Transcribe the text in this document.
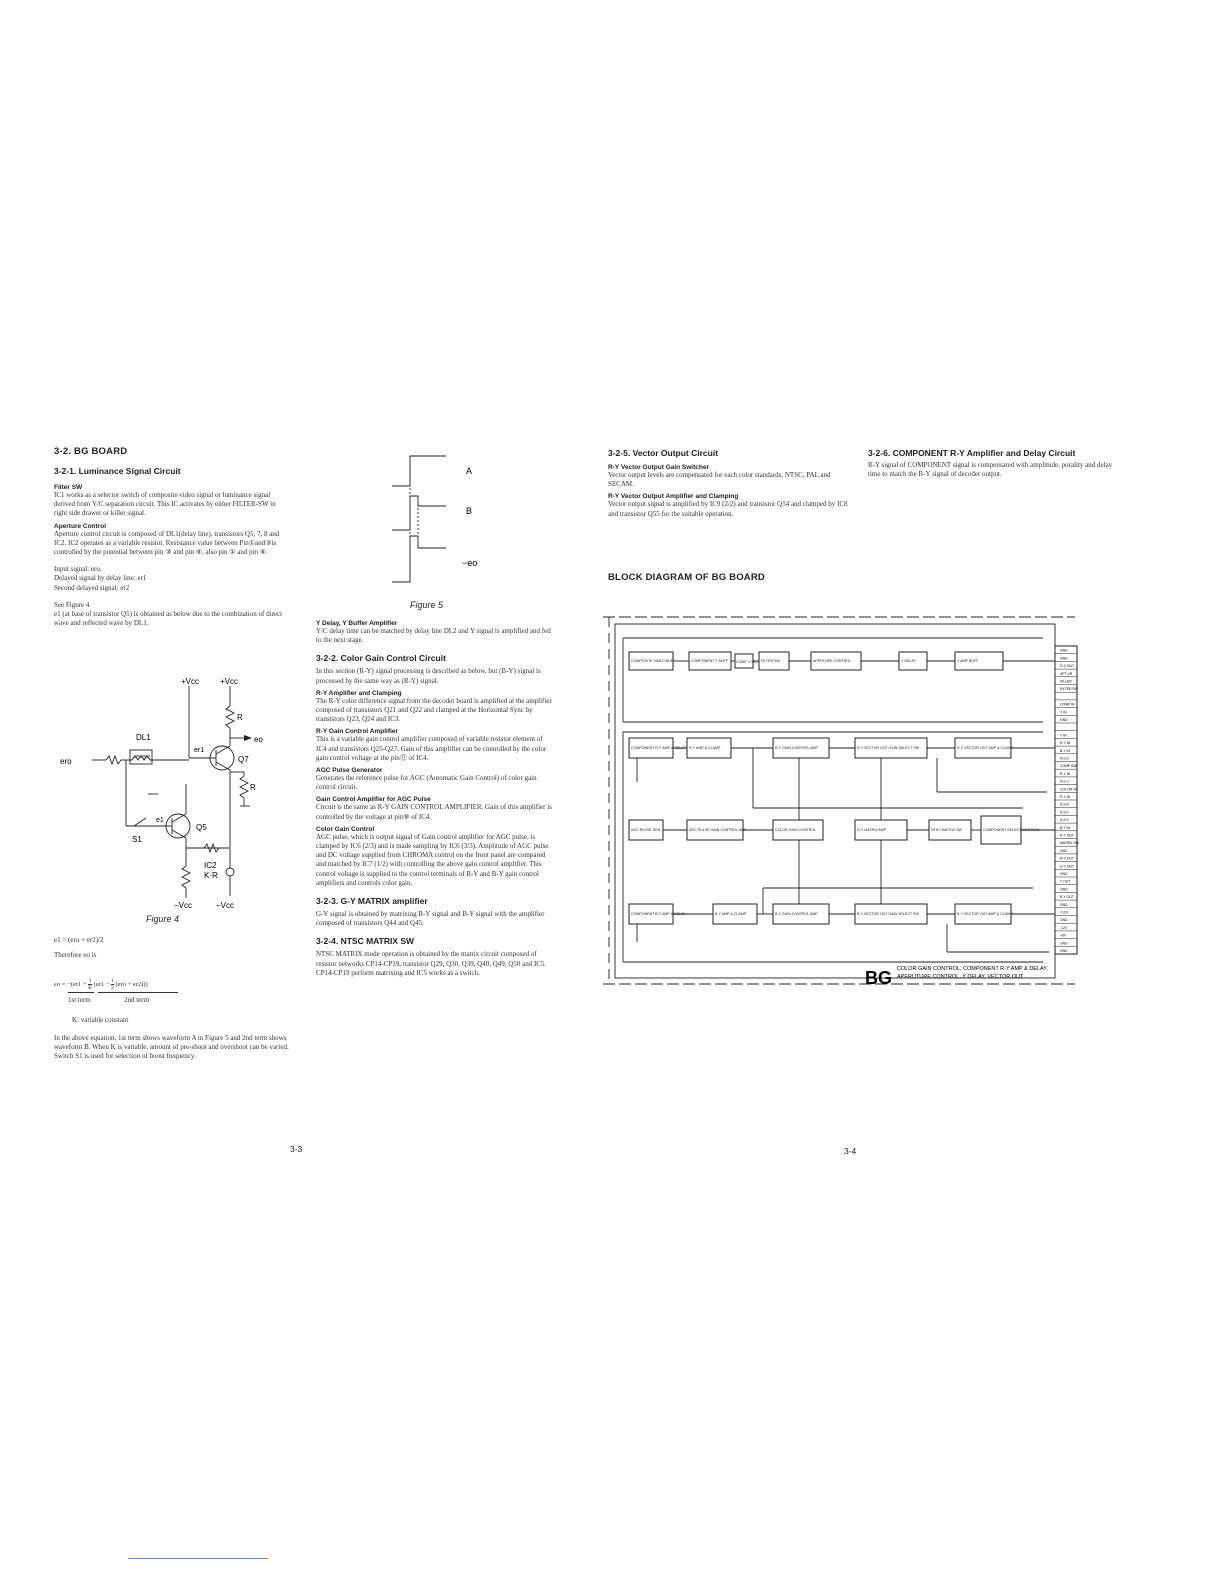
3-2. BG BOARD
3-2-1. Luminance Signal Circuit
Filter SW
IC1 works as a selector switch of composite video signal or luminance signal derived from Y/C separation circuit. This IC activates by either FILTER-SW in right side drawer or killer signal.
Aperture Control
Aperture control circuit is composed of DL1(delay line), transistors Q5, 7, 8 and IC2. IC2 operates as a variable resistor. Resistance value between Pin①and③is controlled by the potential between pin ③ and pin ④, also pin ① and pin ⑥.
Input signal: ero,
Delayed signal by delay line: er1
Second delayed signal: er2
See Figure 4
e1 (at base of transistor Q5) is obtained as below due to the combination of direct wave and reflected wave by DL1.
+Vcc	+Vcc
R
DL1	eo
er1
ero	Q7
e1
Q5
S1
R
IC2
K·R
−Vcc	−Vcc
Figure 4
e1 = (ero + er2)/2
Therefore eo is
eo = $-(er1 + \frac{1}{K} (er1 - \frac{1}{2} (ero + er2)))$
1st term	2nd term
K: variable constant
In the above equation, 1st term shows waveform A in Figure 5 and 2nd term shows waveform B. When K is variable, amount of pre-shoot and overshoot can be varied.
Switch S1 is used for selection of boost frequency.
A
B
−eo
Figure 5
Y Delay, Y Buffer Amplifier
Y/C delay time can be matched by delay line DL2 and Y signal is amplified and fed to the next stage.
3-2-2. Color Gain Control Circuit
In this section (R-Y) signal processing is described as below, but (B-Y) signal is processed by the same way as (R-Y) signal.
R-Y Amplifier and Clamping
The R-Y color difference signal from the decoder board is amplified at the amplifier composed of transistors Q21 and Q22 and clamped at the Horizontal Sync by transistors Q23, Q24 and IC3.
R-Y Gain Control Amplifier
This is a variable gain control amplifier composed of variable resistor element of IC4 and transistors Q25-Q27. Gain of this amplifier can be controlled by the color gain control voltage at the pin⑫ of IC4.
AGC Pulse Generator
Generates the reference pulse for AGC (Automatic Gain Control) of color gain control circuit.
Gain Control Amplifier for AGC Pulse
Circuit is the same as R-Y GAIN CONTROL AMPLIFIER. Gain of this amplifier is controlled by the voltage at pin⑧ of IC4.
Color Gain Control
AGC pulse, which is output signal of Gain control amplifier for AGC pulse, is clamped by IC6 (2/3) and is made sampling by IC6 (3/3). Amplitude of AGC pulse and DC voltage supplied from CHROMA control on the front panel are compared and matched by IC7 (1/2) with controlling the above gain control amplifier. This control voltage is supplied to the control terminals of R-Y and B-Y gain control amplifiers and controls color gain.
3-2-3. G-Y MATRIX amplifier
G-Y signal is obtained by matrixing R-Y signal and B-Y signal with the amplifier composed of transistors Q44 and Q45.
3-2-4. NTSC MATRIX SW
NTSC MATRIX mode operation is obtained by the matrix circuit composed of resistor networks CP14-CP19, transistor Q29, Q30, Q39, Q40, Q49, Q50 and IC5. CP14-CP19 perform matrixing and IC5 works as a switch.
3-3
3-2-5. Vector Output Circuit
R-Y Vector Output Gain Switcher
Vector output levels are compensated for each color standards, NTSC, PAL and SECAM.
R-Y Vector Output Amplifier and Clamping
Vector output signal is amplified by IC9 (2/2) and transistor Q54 and clamped by IC8 and transistor Q55 for the suitable operation.
3-2-6. COMPONENT R-Y Amplifier and Delay Circuit
R-Y signal of COMPONENT signal is compensated with amplitude, porality and delay time to match the R-Y signal of decoder output.
BLOCK DIAGRAM OF BG BOARD
COMPOSITE VIDEO BUFF	COMPONENT Y BUFF COMP V SEL FILTER SW	APERTURE CONTROL	Y DELAY	Y AMP BUFF
COMPONENT R-Y AMP & DELAY R-Y AMP & CLAMP	R-Y GAIN CONTROL AMP	R-Y VECTOR OUT GAIN SELECT SW	R-Y VECTOR OUT AMP & CLAMP
AGC PULSE GEN	AGC PULSE GAIN CONTROL AMP	COLOR GAIN CONTROL	G-Y MATRIX AMP	NTSC MATRIX SW	COMPONENT SELECT CONTROL
COMPONENT B-Y AMP & DELAY	B-Y AMP & CLAMP	B-Y GAIN CONTROL AMP	B-Y VECTOR OUT GAIN SELECT SW	B-Y VECTOR OUT AMP & CLAMP
GND
GND
G-Y OUT
APT VR
KILLER
FILTER SW
COMP IN
Y IN
GND
Y IN
R-Y IN
B-Y IN
N.S.C
COMP SW
R-Y IN
N.S.C
COLOR VR
R-Y IN
S.S.N
S.S.P
S.S.S
B-Y IN
R-Y OUT
MATRIX SW
GND
R-Y OUT
G-Y OUT
GND
Y OUT
GND
B-Y OUT
GND
+12V
GND
-12V
+5V
GND
GND
BG COLOR GAIN CONTROL, COMPONENT R-Y AMP & DELAY,
APERUTURE CONTROL, Y DELAY, VECTOR OUT
3-4
